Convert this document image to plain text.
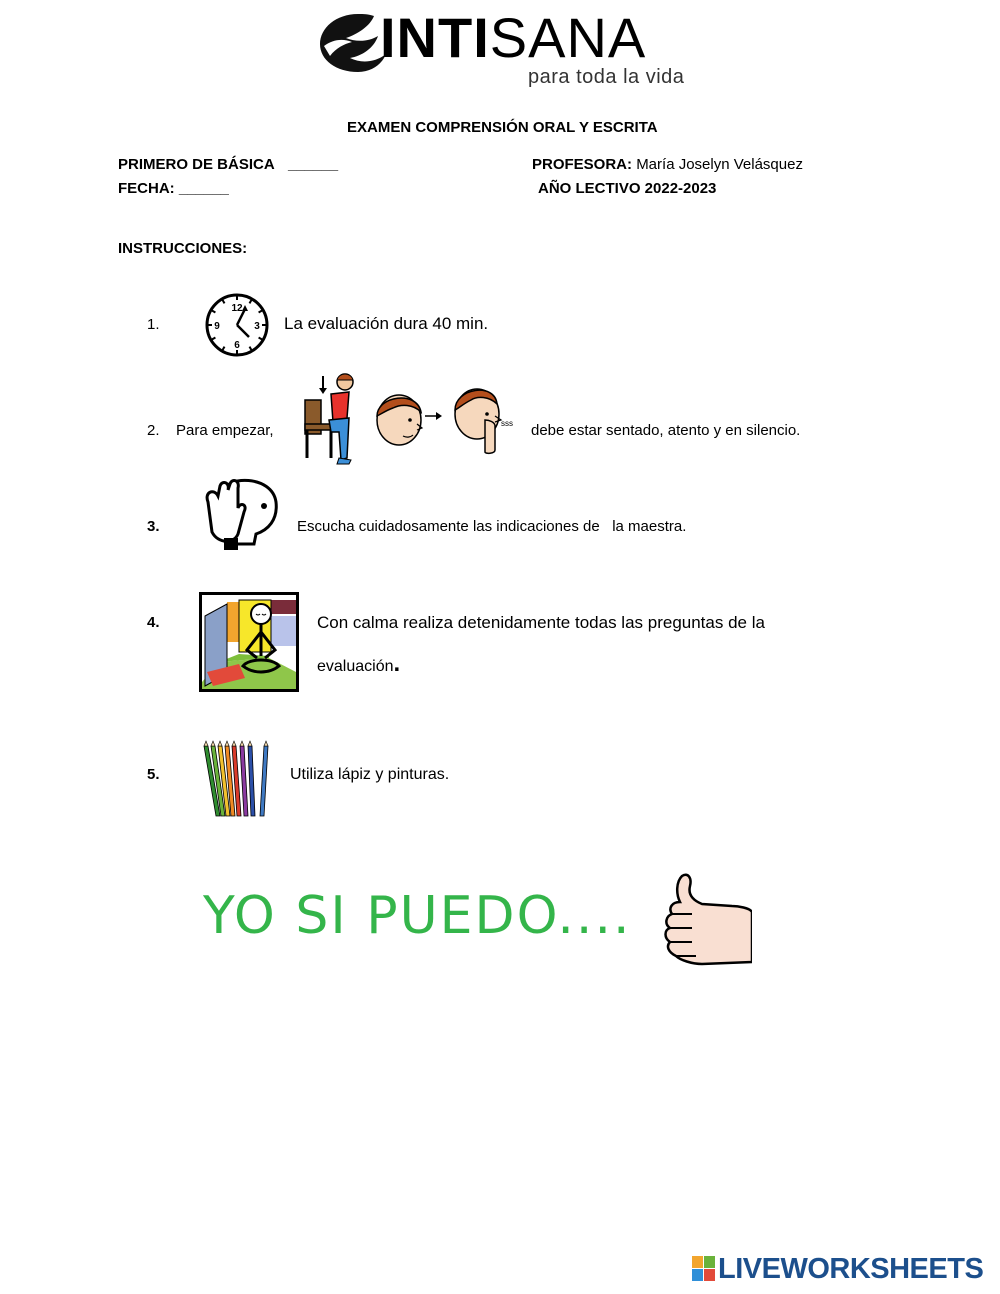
INTISANA
para toda la vida
EXAMEN COMPRENSIÓN ORAL Y ESCRITA
PRIMERO DE BÁSICA ______	PROFESORA: María Joselyn Velásquez
FECHA: ______	AÑO LECTIVO 2022-2023
INSTRUCCIONES:
1.
12
3
6
9	La evaluación dura 40 min.
2. Para empezar,	sss debe estar sentado, atento y en silencio.
3.	Escucha cuidadosamente las indicaciones de   la maestra.
4.	Con calma realiza detenidamente todas las preguntas de la
evaluación.
5.	Utiliza lápiz y pinturas.
YO SI PUEDO....
LIVEWORKSHEETS
